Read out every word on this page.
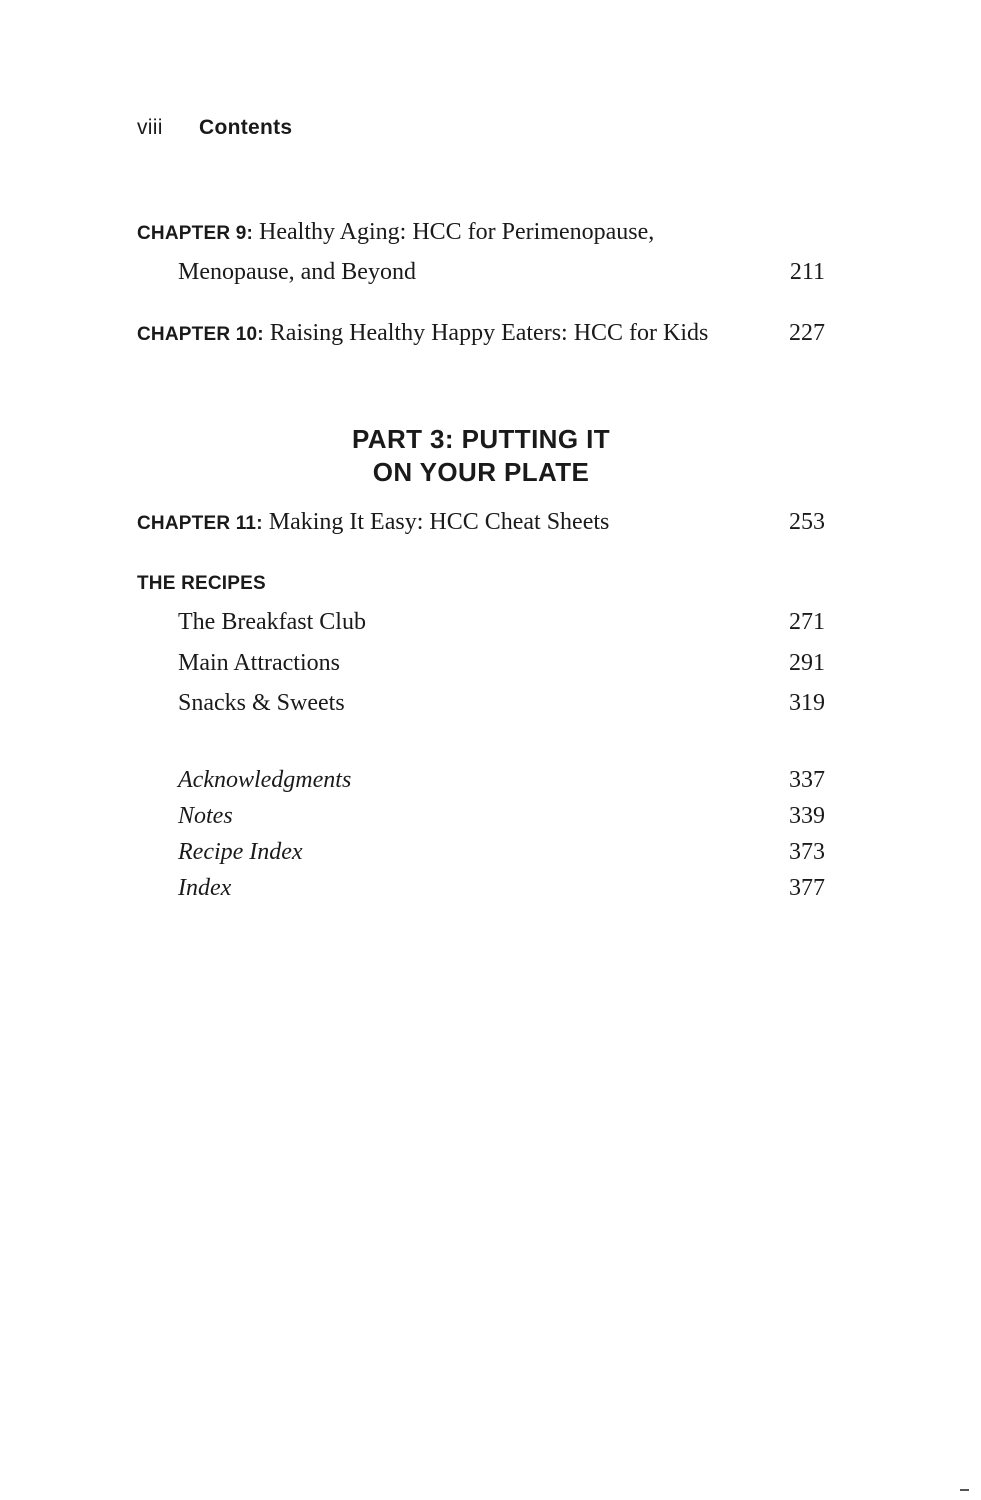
viii Contents
CHAPTER 9: Healthy Aging: HCC for Perimenopause,
Menopause, and Beyond	211
CHAPTER 10: Raising Healthy Happy Eaters: HCC for Kids	227
PART 3: PUTTING IT
ON YOUR PLATE
CHAPTER 11: Making It Easy: HCC Cheat Sheets	253
THE RECIPES
The Breakfast Club	271
Main Attractions	291
Snacks & Sweets	319
Acknowledgments	337
Notes	339
Recipe Index	373
Index	377
